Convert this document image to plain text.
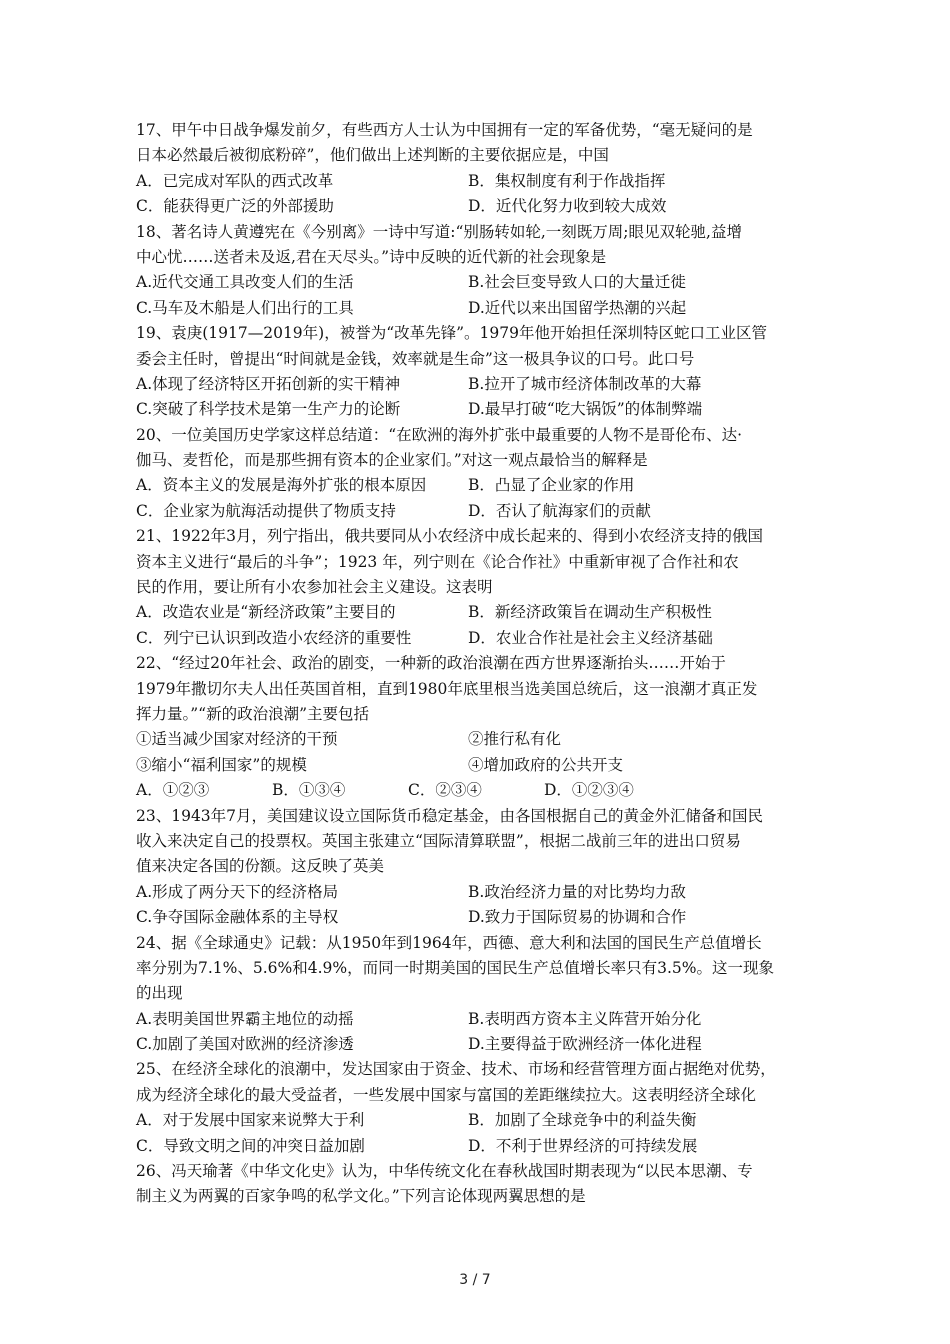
17、甲午中日战争爆发前夕，有些西方人士认为中国拥有一定的军备优势，“毫无疑问的是
日本必然最后被彻底粉碎”，他们做出上述判断的主要依据应是，中国
A．已完成对军队的西式改革	B．集权制度有利于作战指挥
C．能获得更广泛的外部援助	D．近代化努力收到较大成效
18、著名诗人黄遵宪在《今别离》一诗中写道:“别肠转如轮,一刻既万周;眼见双轮驰,益增
中心忧……送者未及返,君在天尽头。”诗中反映的近代新的社会现象是
A.近代交通工具改变人们的生活	B.社会巨变导致人口的大量迁徙
C.马车及木船是人们出行的工具	D.近代以来出国留学热潮的兴起
19、袁庚(1917—2019年)，被誉为“改革先锋”。1979年他开始担任深圳特区蛇口工业区管
委会主任时，曾提出“时间就是金钱，效率就是生命”这一极具争议的口号。此口号
A.体现了经济特区开拓创新的实干精神	B.拉开了城市经济体制改革的大幕
C.突破了科学技术是第一生产力的论断	D.最早打破“吃大锅饭”的体制弊端
20、一位美国历史学家这样总结道：“在欧洲的海外扩张中最重要的人物不是哥伦布、达·
伽马、麦哲伦，而是那些拥有资本的企业家们。”对这一观点最恰当的解释是
A．资本主义的发展是海外扩张的根本原因	B．凸显了企业家的作用
C．企业家为航海活动提供了物质支持	D．否认了航海家们的贡献
21、1922年3月，列宁指出，俄共要同从小农经济中成长起来的、得到小农经济支持的俄国
资本主义进行“最后的斗争”；1923 年，列宁则在《论合作社》中重新审视了合作社和农
民的作用，要让所有小农参加社会主义建设。这表明
A．改造农业是“新经济政策”主要目的	B．新经济政策旨在调动生产积极性
C．列宁已认识到改造小农经济的重要性	D．农业合作社是社会主义经济基础
22、“经过20年社会、政治的剧变，一种新的政治浪潮在西方世界逐渐抬头……开始于
1979年撒切尔夫人出任英国首相，直到1980年底里根当选美国总统后，这一浪潮才真正发
挥力量。”“新的政治浪潮”主要包括
①适当减少国家对经济的干预	②推行私有化
③缩小“福利国家”的规模	④增加政府的公共开支
A．①②③	B．①③④	C．②③④	D．①②③④
23、1943年7月，美国建议设立国际货币稳定基金，由各国根据自己的黄金外汇储备和国民
收入来决定自己的投票权。英国主张建立“国际清算联盟”，根据二战前三年的进出口贸易
值来决定各国的份额。这反映了英美
A.形成了两分天下的经济格局	B.政治经济力量的对比势均力敌
C.争夺国际金融体系的主导权	D.致力于国际贸易的协调和合作
24、据《全球通史》记载：从1950年到1964年，西德、意大利和法国的国民生产总值增长
率分别为7.1%、5.6%和4.9%，而同一时期美国的国民生产总值增长率只有3.5%。这一现象
的出现
A.表明美国世界霸主地位的动摇	B.表明西方资本主义阵营开始分化
C.加剧了美国对欧洲的经济渗透	D.主要得益于欧洲经济一体化进程
25、在经济全球化的浪潮中，发达国家由于资金、技术、市场和经营管理方面占据绝对优势，
成为经济全球化的最大受益者，一些发展中国家与富国的差距继续拉大。这表明经济全球化
A．对于发展中国家来说弊大于利	B．加剧了全球竞争中的利益失衡
C．导致文明之间的冲突日益加剧	D．不利于世界经济的可持续发展
26、冯天瑜著《中华文化史》认为，中华传统文化在春秋战国时期表现为“以民本思潮、专
制主义为两翼的百家争鸣的私学文化。”下列言论体现两翼思想的是
3 / 7
